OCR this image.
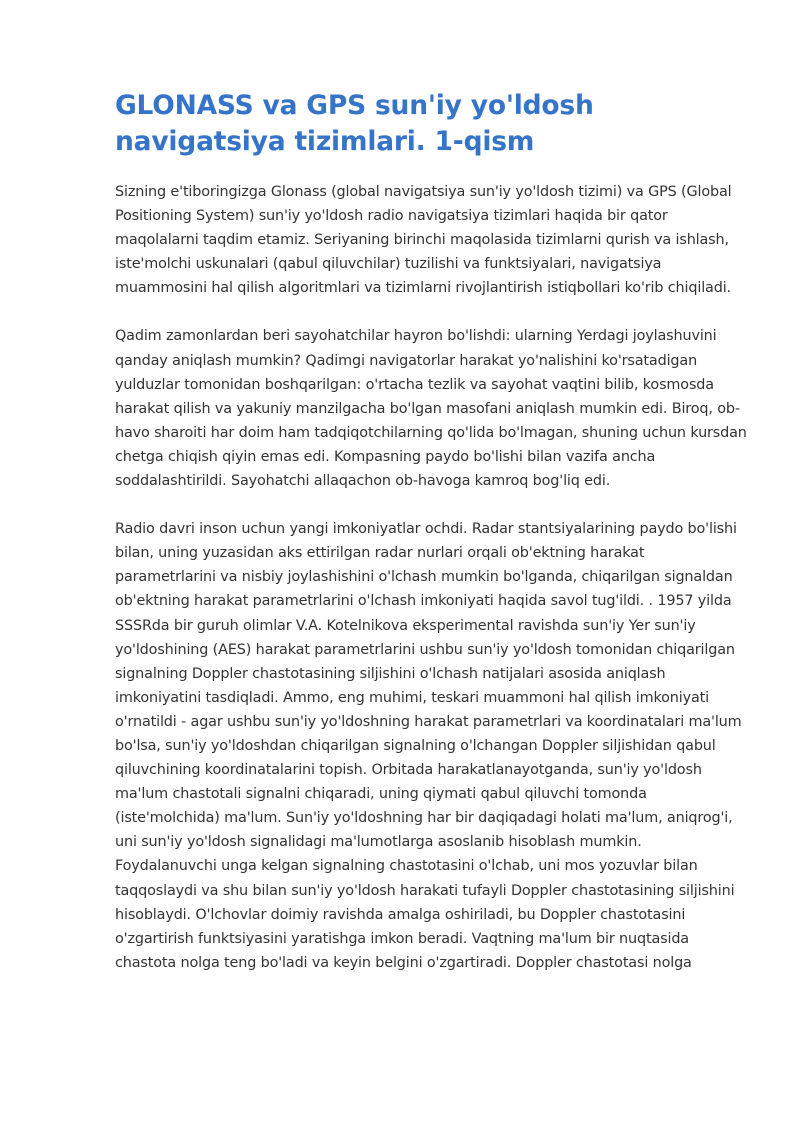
GLONASS va GPS sun'iy yo'ldosh navigatsiya tizimlari. 1-qism

Sizning e'tiboringizga Glonass (global navigatsiya sun'iy yo'ldosh tizimi) va GPS (Global Positioning System) sun'iy yo'ldosh radio navigatsiya tizimlari haqida bir qator maqolalarni taqdim etamiz. Seriyaning birinchi maqolasida tizimlarni qurish va ishlash, iste'molchi uskunalari (qabul qiluvchilar) tuzilishi va funktsiyalari, navigatsiya muammosini hal qilish algoritmlari va tizimlarni rivojlantirish istiqbollari ko'rib chiqiladi.

Qadim zamonlardan beri sayohatchilar hayron bo'lishdi: ularning Yerdagi joylashuvini qanday aniqlash mumkin? Qadimgi navigatorlar harakat yo'nalishini ko'rsatadigan yulduzlar tomonidan boshqarilgan: o'rtacha tezlik va sayohat vaqtini bilib, kosmosda harakat qilish va yakuniy manzilgacha bo'lgan masofani aniqlash mumkin edi. Biroq, ob-havo sharoiti har doim ham tadqiqotchilarning qo'lida bo'lmagan, shuning uchun kursdan chetga chiqish qiyin emas edi. Kompasning paydo bo'lishi bilan vazifa ancha soddalashtirildi. Sayohatchi allaqachon ob-havoga kamroq bog'liq edi.

Radio davri inson uchun yangi imkoniyatlar ochdi. Radar stantsiyalarining paydo bo'lishi bilan, uning yuzasidan aks ettirilgan radar nurlari orqali ob'ektning harakat parametrlarini va nisbiy joylashishini o'lchash mumkin bo'lganda, chiqarilgan signaldan ob'ektning harakat parametrlarini o'lchash imkoniyati haqida savol tug'ildi. . 1957 yilda SSSRda bir guruh olimlar V.A. Kotelnikova eksperimental ravishda sun'iy Yer sun'iy yo'ldoshining (AES) harakat parametrlarini ushbu sun'iy yo'ldosh tomonidan chiqarilgan signalning Doppler chastotasining siljishini o'lchash natijalari asosida aniqlash imkoniyatini tasdiqladi. Ammo, eng muhimi, teskari muammoni hal qilish imkoniyati o'rnatildi - agar ushbu sun'iy yo'ldoshning harakat parametrlari va koordinatalari ma'lum bo'lsa, sun'iy yo'ldoshdan chiqarilgan signalning o'lchangan Doppler siljishidan qabul qiluvchining koordinatalarini topish. Orbitada harakatlanayotganda, sun'iy yo'ldosh ma'lum chastotali signalni chiqaradi, uning qiymati qabul qiluvchi tomonda (iste'molchida) ma'lum. Sun'iy yo'ldoshning har bir daqiqadagi holati ma'lum, aniqrog'i, uni sun'iy yo'ldosh signalidagi ma'lumotlarga asoslanib hisoblash mumkin. Foydalanuvchi unga kelgan signalning chastotasini o'lchab, uni mos yozuvlar bilan taqqoslaydi va shu bilan sun'iy yo'ldosh harakati tufayli Doppler chastotasining siljishini hisoblaydi. O'lchovlar doimiy ravishda amalga oshiriladi, bu Doppler chastotasini o'zgartirish funktsiyasini yaratishga imkon beradi. Vaqtning ma'lum bir nuqtasida chastota nolga teng bo'ladi va keyin belgini o'zgartiradi. Doppler chastotasi nolga
